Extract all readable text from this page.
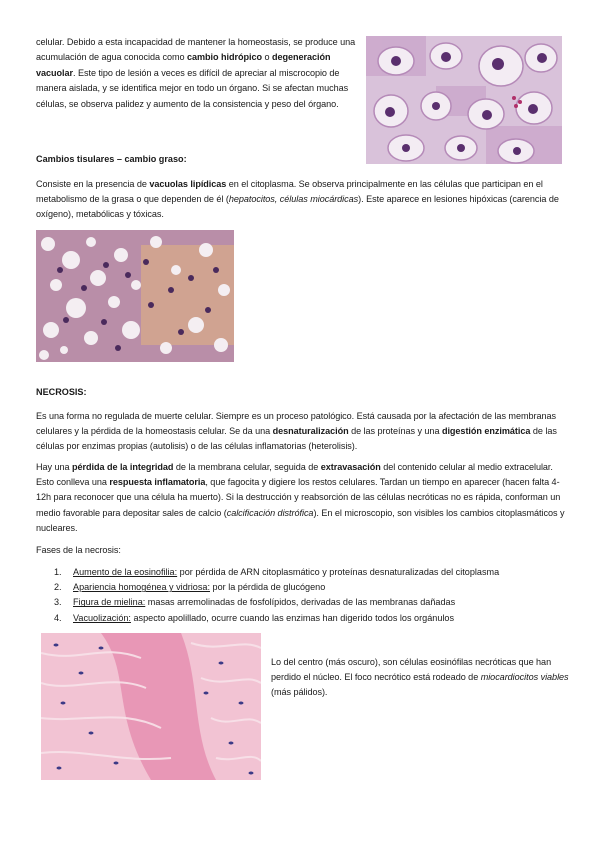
celular. Debido a esta incapacidad de mantener la homeostasis, se produce una acumulación de agua conocida como cambio hidrópico o degeneración vacuolar. Este tipo de lesión a veces es difícil de apreciar al miscrocopio de manera aislada, y se identifica mejor en todo un órgano. Si se afectan muchas células, se observa palidez y aumento de la consistencia y peso del órgano.

Cambios tisulares – cambio graso:

Consiste en la presencia de vacuolas lipídicas en el citoplasma. Se observa principalmente en las células que participan en el metabolismo de la grasa o que dependen de él (hepatocitos, células miocárdicas). Este aparece en lesiones hipóxicas (carencia de oxígeno), metabólicas y tóxicas.

NECROSIS:

Es una forma no regulada de muerte celular. Siempre es un proceso patológico. Está causada por la afectación de las membranas celulares y la pérdida de la homeostasis celular. Se da una desnaturalización de las proteínas y una digestión enzimática de las células por enzimas propias (autolisis) o de las células inflamatorias (heterolisis).

Hay una pérdida de la integridad de la membrana celular, seguida de extravasación del contenido celular al medio extracelular. Esto conlleva una respuesta inflamatoria, que fagocita y digiere los restos celulares. Tardan un tiempo en aparecer (hacen falta 4-12h para reconocer que una célula ha muerto). Si la destrucción y reabsorción de las células necróticas no es rápida, conforman un medio favorable para depositar sales de calcio (calcificación distrófica). En el microscopio, son visibles los cambios citoplasmáticos y nucleares.

Fases de la necrosis:

1.	Aumento de la eosinofilia: por pérdida de ARN citoplasmático y proteínas desnaturalizadas del citoplasma
2.	Apariencia homogénea y vidriosa: por la pérdida de glucógeno
3.	Figura de mielina: masas arremolinadas de fosfolípidos, derivadas de las membranas dañadas
4.	Vacuolización: aspecto apolillado, ocurre cuando las enzimas han digerido todos los orgánulos

Lo del centro (más oscuro), son células eosinófilas necróticas que han perdido el núcleo. El foco necrótico está rodeado de miocardiocitos viables (más pálidos).
